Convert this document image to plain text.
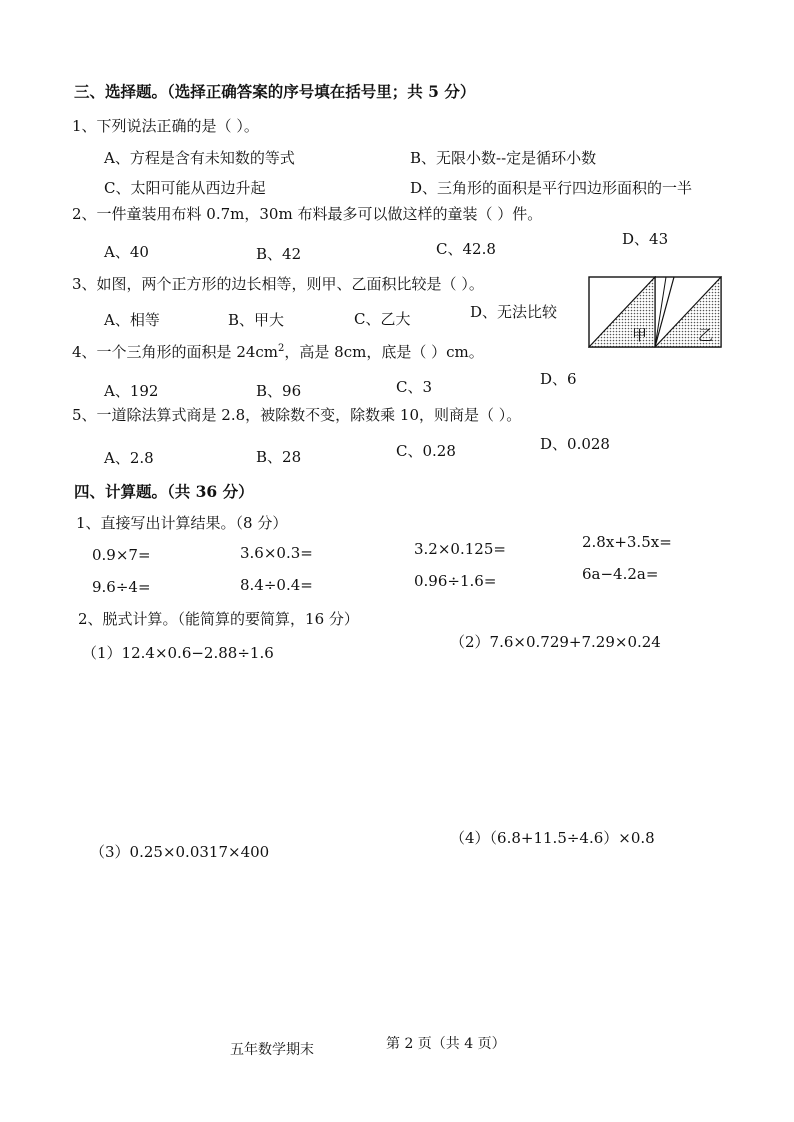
三、选择题。（选择正确答案的序号填在括号里；共 5 分）
1、下列说法正确的是（ ）。
A、方程是含有未知数的等式	B、无限小数--定是循环小数
C、太阳可能从西边升起	D、三角形的面积是平行四边形面积的一半
2、一件童装用布料 0.7m，30m 布料最多可以做这样的童装（ ）件。
A、40	B、42	C、42.8
D、43
3、如图，两个正方形的边长相等，则甲、乙面积比较是（ ）。
A、相等	B、甲大	C、乙大	D、无法比较
甲	乙
4、一个三角形的面积是 $24cm^2$，高是 8cm，底是（ ）cm。
A、192	B、96	C、3	D、6
5、一道除法算式商是 2.8，被除数不变，除数乘 10，则商是（ ）。
A、2.8	B、28	C、0.28	D、0.028
四、计算题。（共 36 分）
1、直接写出计算结果。（8 分）
0.9×7=	3.6×0.3=	3.2×0.125=	2.8x+3.5x=
9.6÷4=	8.4÷0.4=	0.96÷1.6=	6a−4.2a=
2、脱式计算。（能简算的要简算，16 分）
（1）12.4×0.6−2.88÷1.6
（2）7.6×0.729+7.29×0.24
（3）0.25×0.0317×400
（4）（6.8+11.5÷4.6）×0.8
五年数学期末	第 2 页（共 4 页）
